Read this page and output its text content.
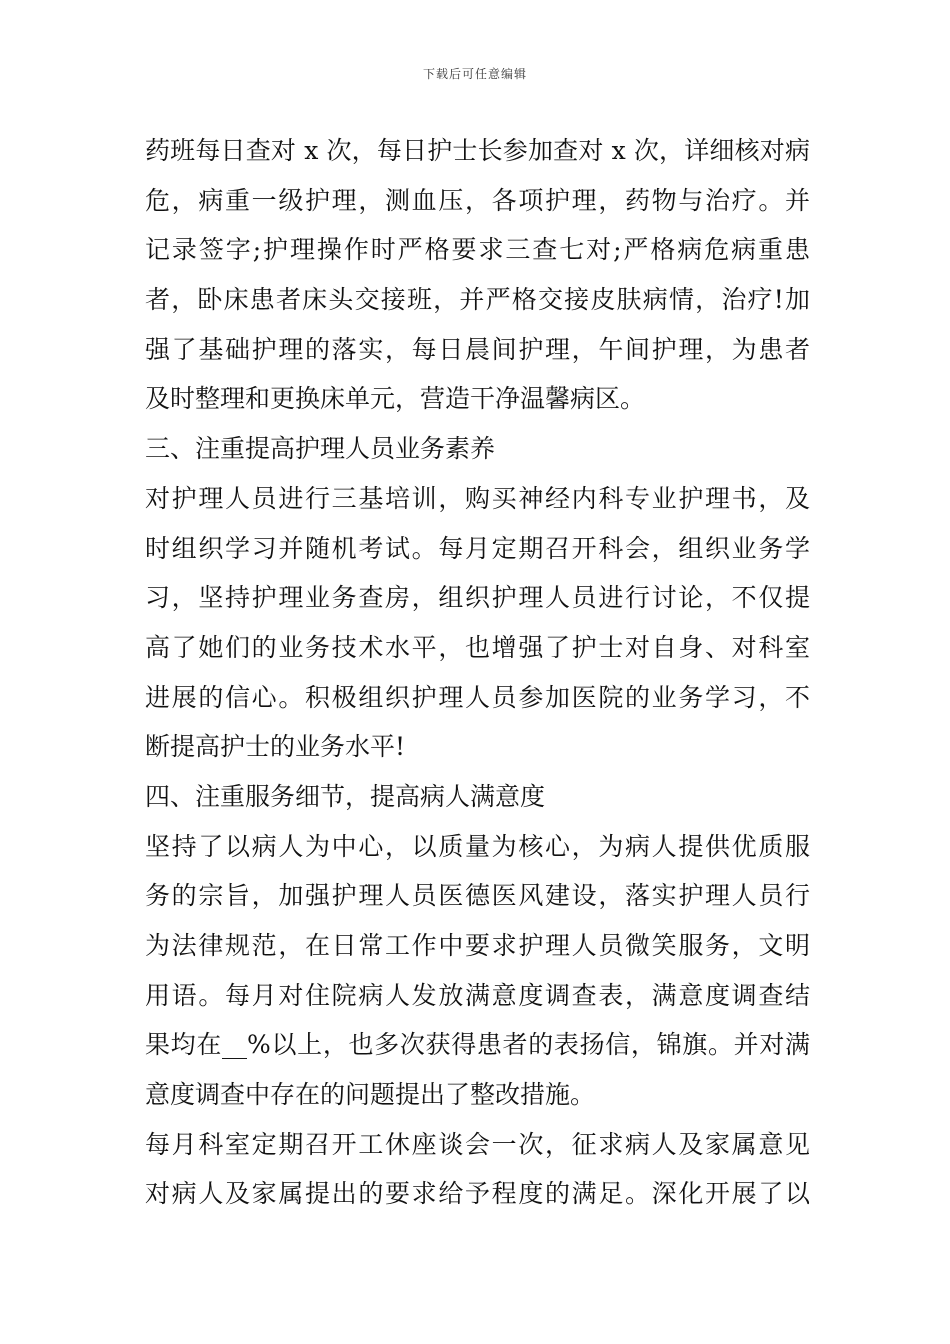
下载后可任意编辑
药班每日查对 x 次，每日护士长参加查对 x 次，详细核对病
危，病重一级护理，测血压，各项护理，药物与治疗。并
记录签字;护理操作时严格要求三查七对;严格病危病重患
者，卧床患者床头交接班，并严格交接皮肤病情，治疗!加
强了基础护理的落实，每日晨间护理，午间护理，为患者
及时整理和更换床单元，营造干净温馨病区。
三、注重提高护理人员业务素养
对护理人员进行三基培训，购买神经内科专业护理书，及
时组织学习并随机考试。每月定期召开科会，组织业务学
习，坚持护理业务查房，组织护理人员进行讨论，不仅提
高了她们的业务技术水平，也增强了护士对自身、对科室
进展的信心。积极组织护理人员参加医院的业务学习，不
断提高护士的业务水平!
四、注重服务细节，提高病人满意度
坚持了以病人为中心，以质量为核心，为病人提供优质服
务的宗旨，加强护理人员医德医风建设，落实护理人员行
为法律规范，在日常工作中要求护理人员微笑服务，文明
用语。每月对住院病人发放满意度调查表，满意度调查结
果均在__%以上，也多次获得患者的表扬信，锦旗。并对满
意度调查中存在的问题提出了整改措施。
每月科室定期召开工休座谈会一次，征求病人及家属意见
对病人及家属提出的要求给予程度的满足。深化开展了以
